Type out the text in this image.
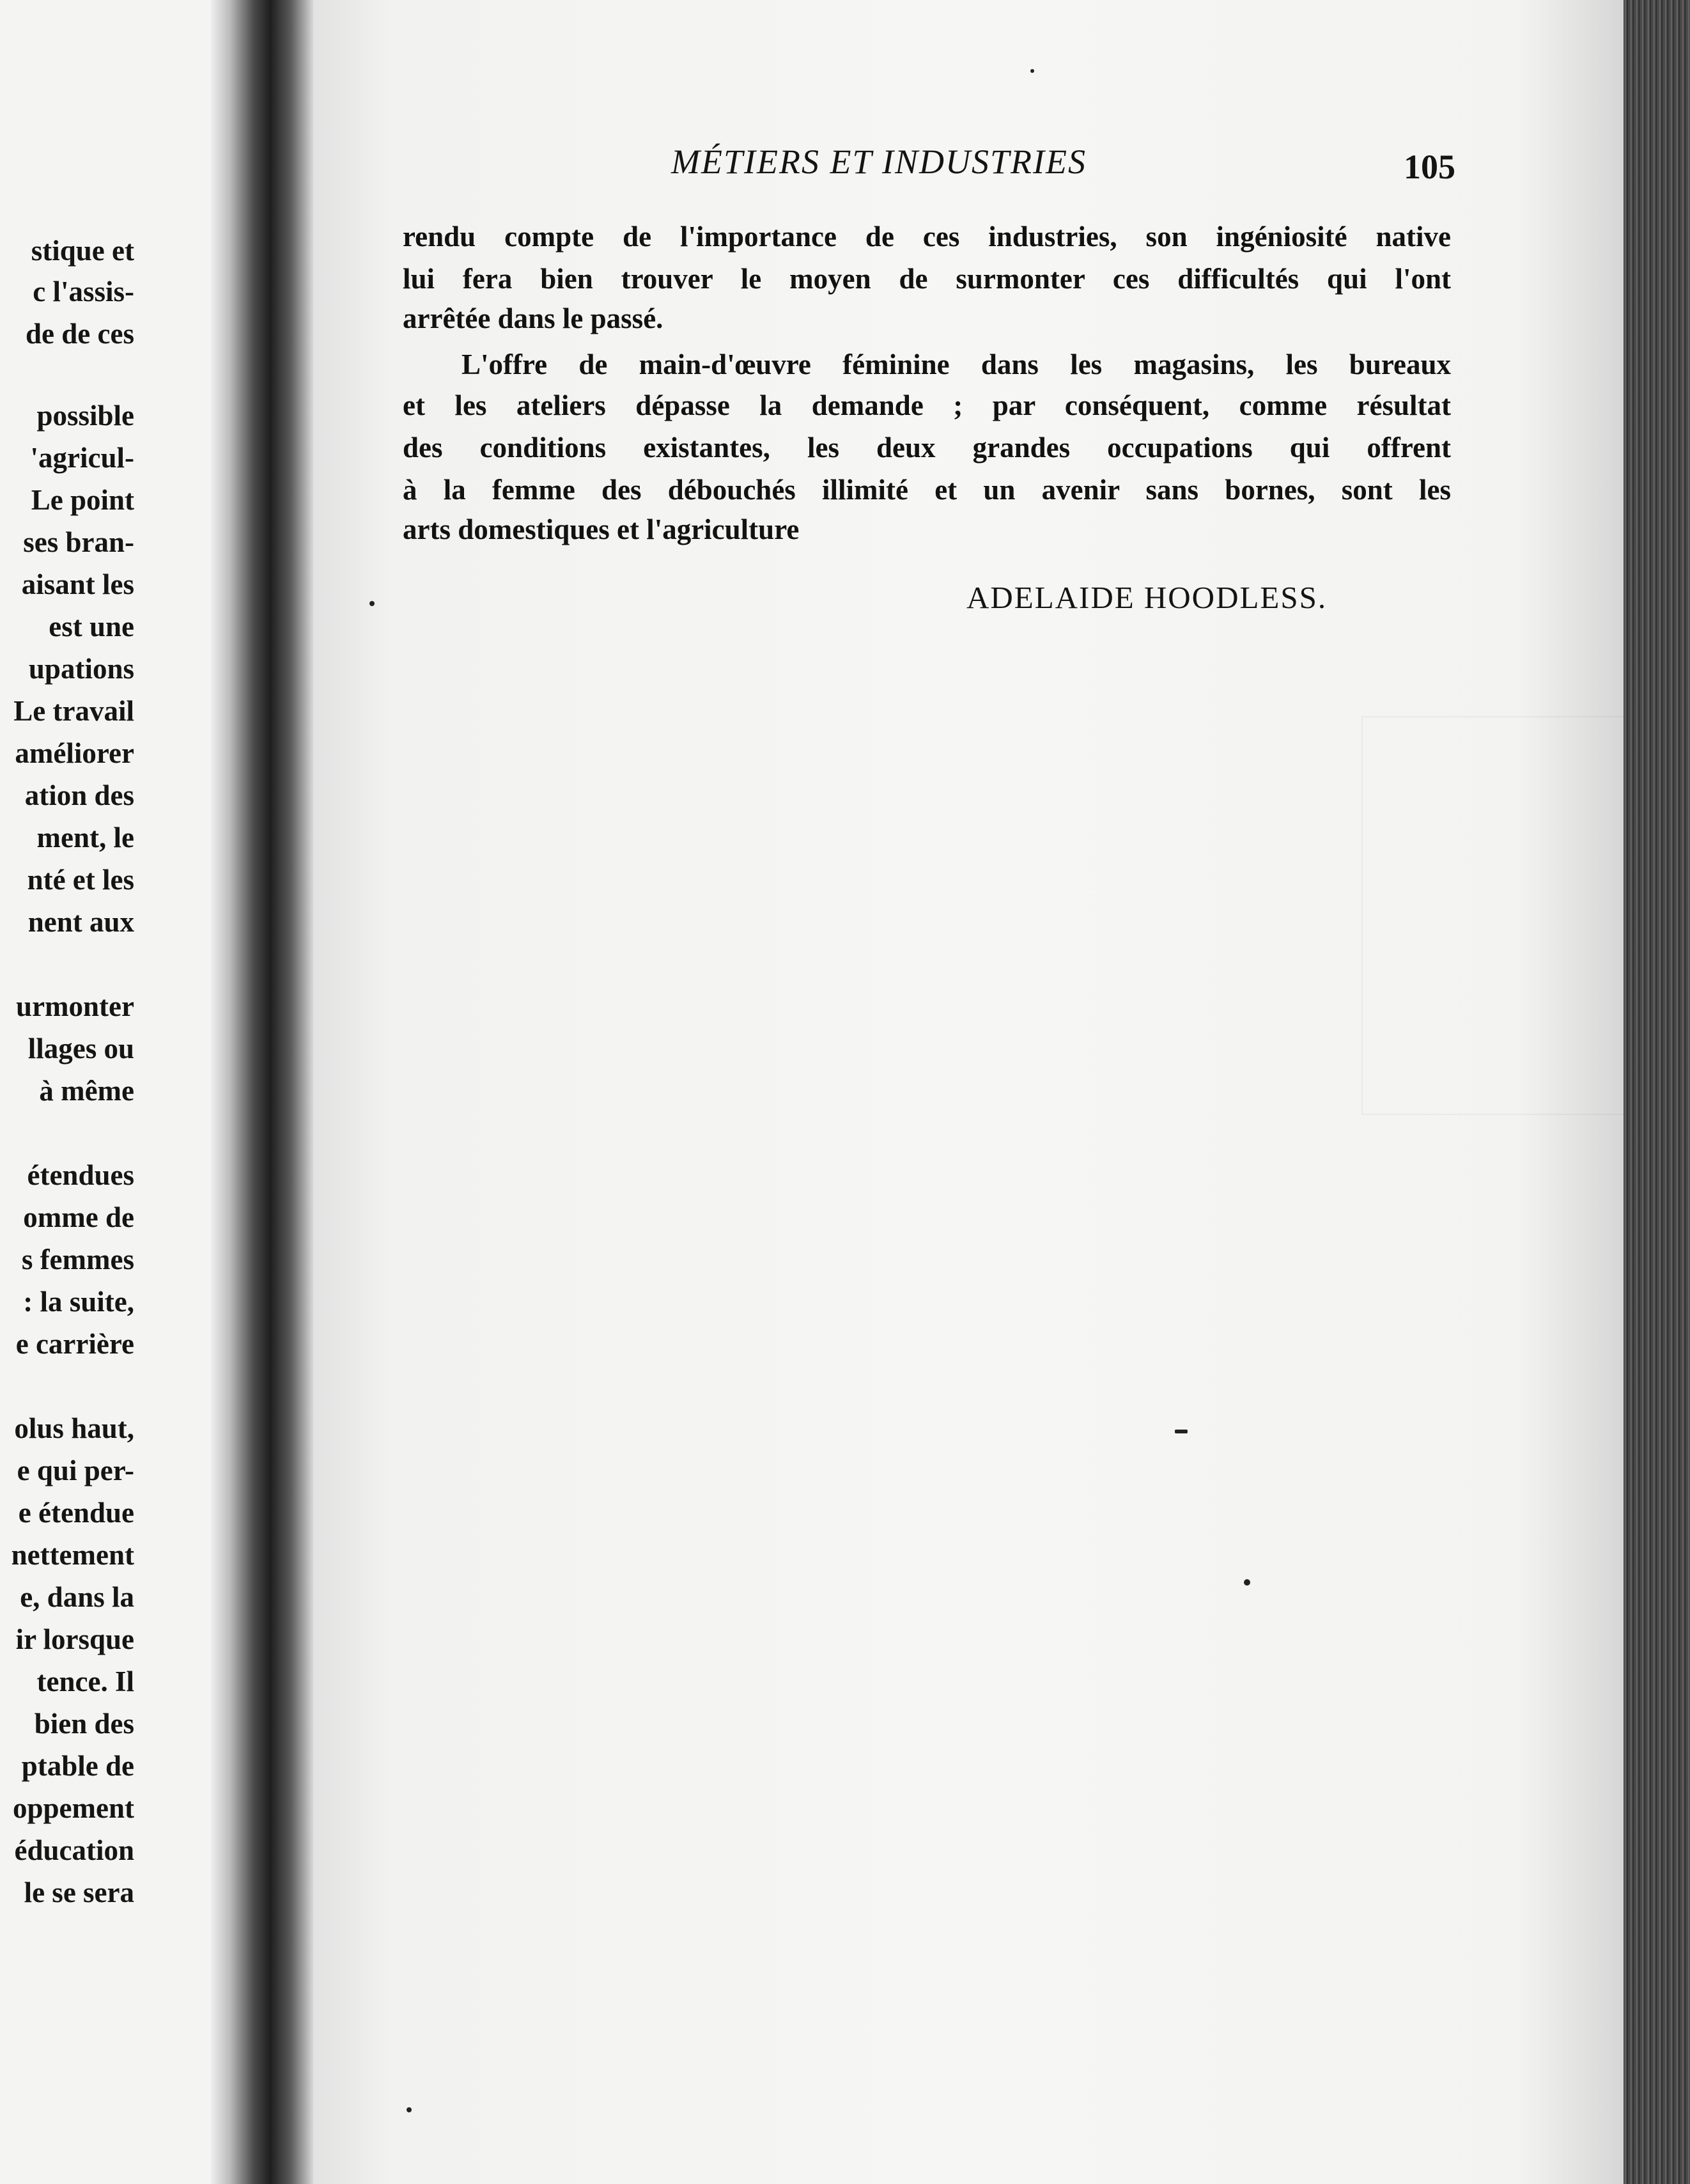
stique et
c l'assis-
de de ces
possible
'agricul-
Le point
ses bran-
aisant les
est une
upations
Le travail
améliorer
ation des
ment, le
nté et les
nent aux
urmonter
llages ou
à même
étendues
omme de
s femmes
: la suite,
e carrière
olus haut,
e qui per-
e étendue
nettement
e, dans la
ir lorsque
tence. Il
bien des
ptable de
oppement
éducation
le se sera
MÉTIERS ET INDUSTRIES	105
rendu compte de l'importance de ces industries, son ingéniosité native
lui fera bien trouver le moyen de surmonter ces difficultés qui l'ont
arrêtée dans le passé.
L'offre de main-d'œuvre féminine dans les magasins, les bureaux
et les ateliers dépasse la demande ; par conséquent, comme résultat
des conditions existantes, les deux grandes occupations qui offrent
à la femme des débouchés illimité et un avenir sans bornes, sont les
arts domestiques et l'agriculture
ADELAIDE HOODLESS.
